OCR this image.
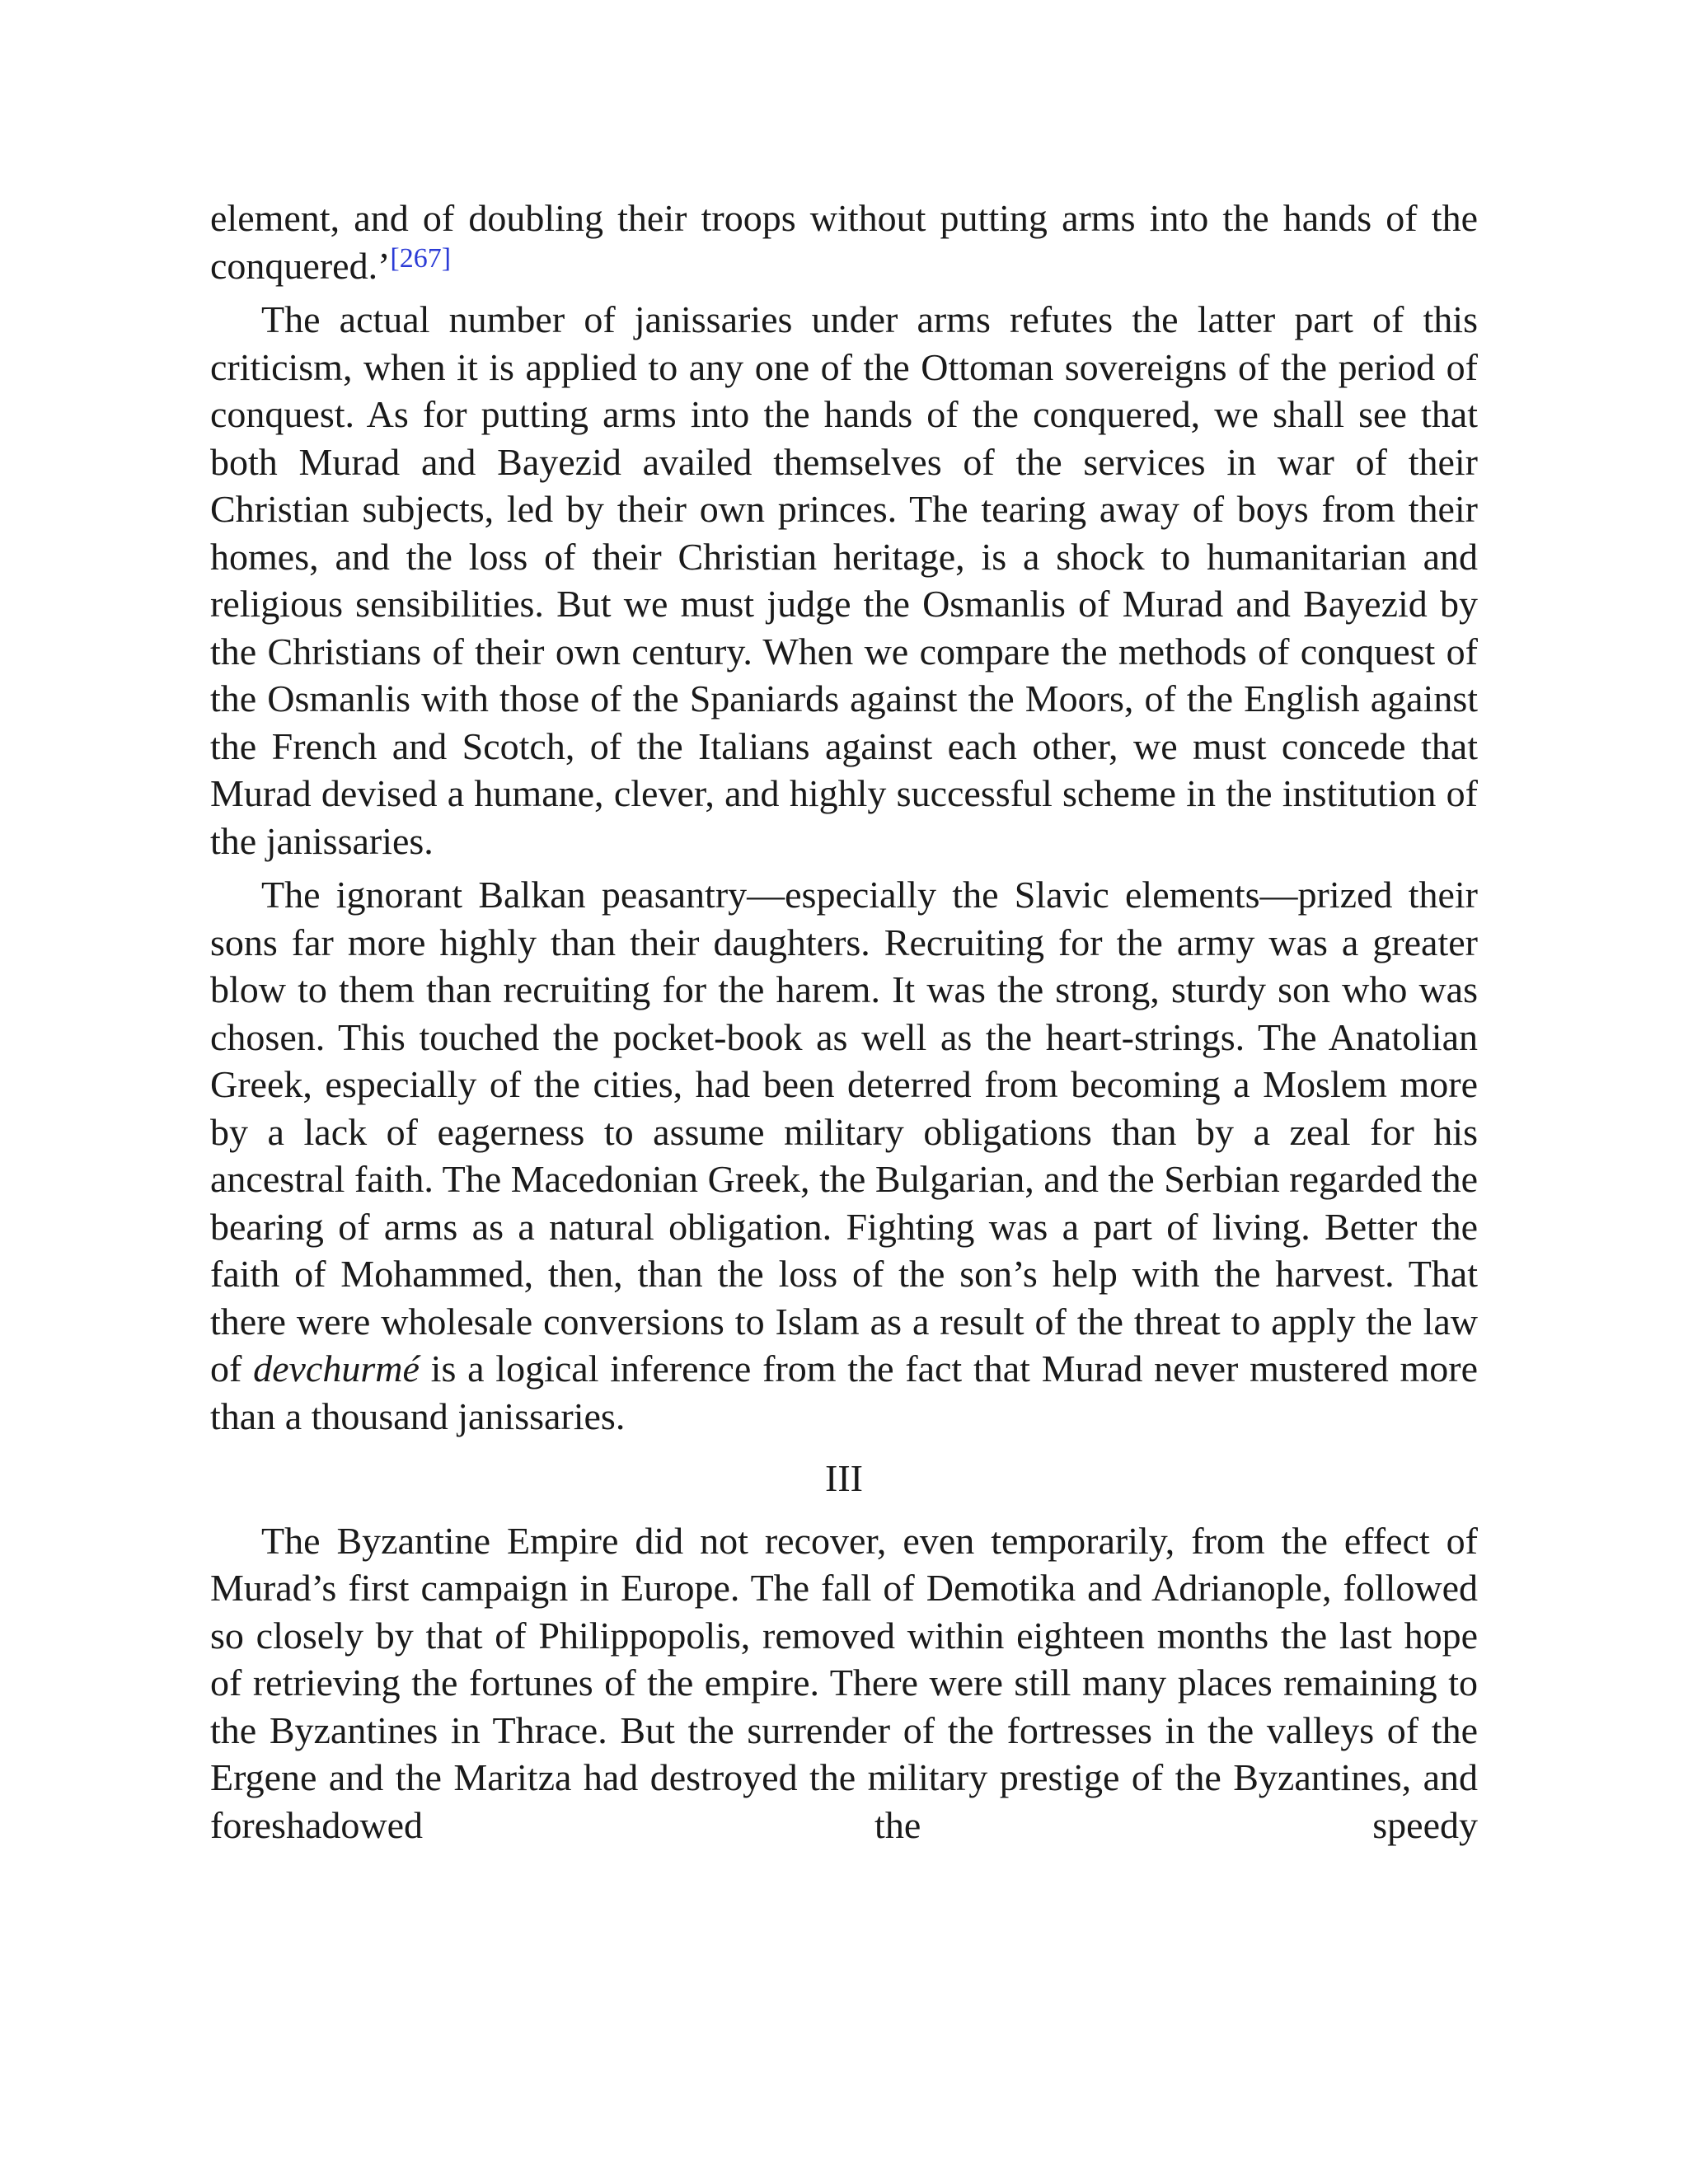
element, and of doubling their troops without putting arms into the hands of the conquered.’[267]

The actual number of janissaries under arms refutes the latter part of this criticism, when it is applied to any one of the Ottoman sovereigns of the period of conquest. As for putting arms into the hands of the conquered, we shall see that both Murad and Bayezid availed themselves of the services in war of their Christian subjects, led by their own princes. The tearing away of boys from their homes, and the loss of their Christian heritage, is a shock to humanitarian and religious sensibilities. But we must judge the Osmanlis of Murad and Bayezid by the Christians of their own century. When we compare the methods of conquest of the Osmanlis with those of the Spaniards against the Moors, of the English against the French and Scotch, of the Italians against each other, we must concede that Murad devised a humane, clever, and highly successful scheme in the institution of the janissaries.

The ignorant Balkan peasantry—especially the Slavic elements—prized their sons far more highly than their daughters. Recruiting for the army was a greater blow to them than recruiting for the harem. It was the strong, sturdy son who was chosen. This touched the pocket-book as well as the heart-strings. The Anatolian Greek, especially of the cities, had been deterred from becoming a Moslem more by a lack of eagerness to assume military obligations than by a zeal for his ancestral faith. The Macedonian Greek, the Bulgarian, and the Serbian regarded the bearing of arms as a natural obligation. Fighting was a part of living. Better the faith of Mohammed, then, than the loss of the son’s help with the harvest. That there were wholesale conversions to Islam as a result of the threat to apply the law of devchurmé is a logical inference from the fact that Murad never mustered more than a thousand janissaries.

III

The Byzantine Empire did not recover, even temporarily, from the effect of Murad’s first campaign in Europe. The fall of Demotika and Adrianople, followed so closely by that of Philippopolis, removed within eighteen months the last hope of retrieving the fortunes of the empire. There were still many places remaining to the Byzantines in Thrace. But the surrender of the fortresses in the valleys of the Ergene and the Maritza had destroyed the military prestige of the Byzantines, and foreshadowed the speedy
